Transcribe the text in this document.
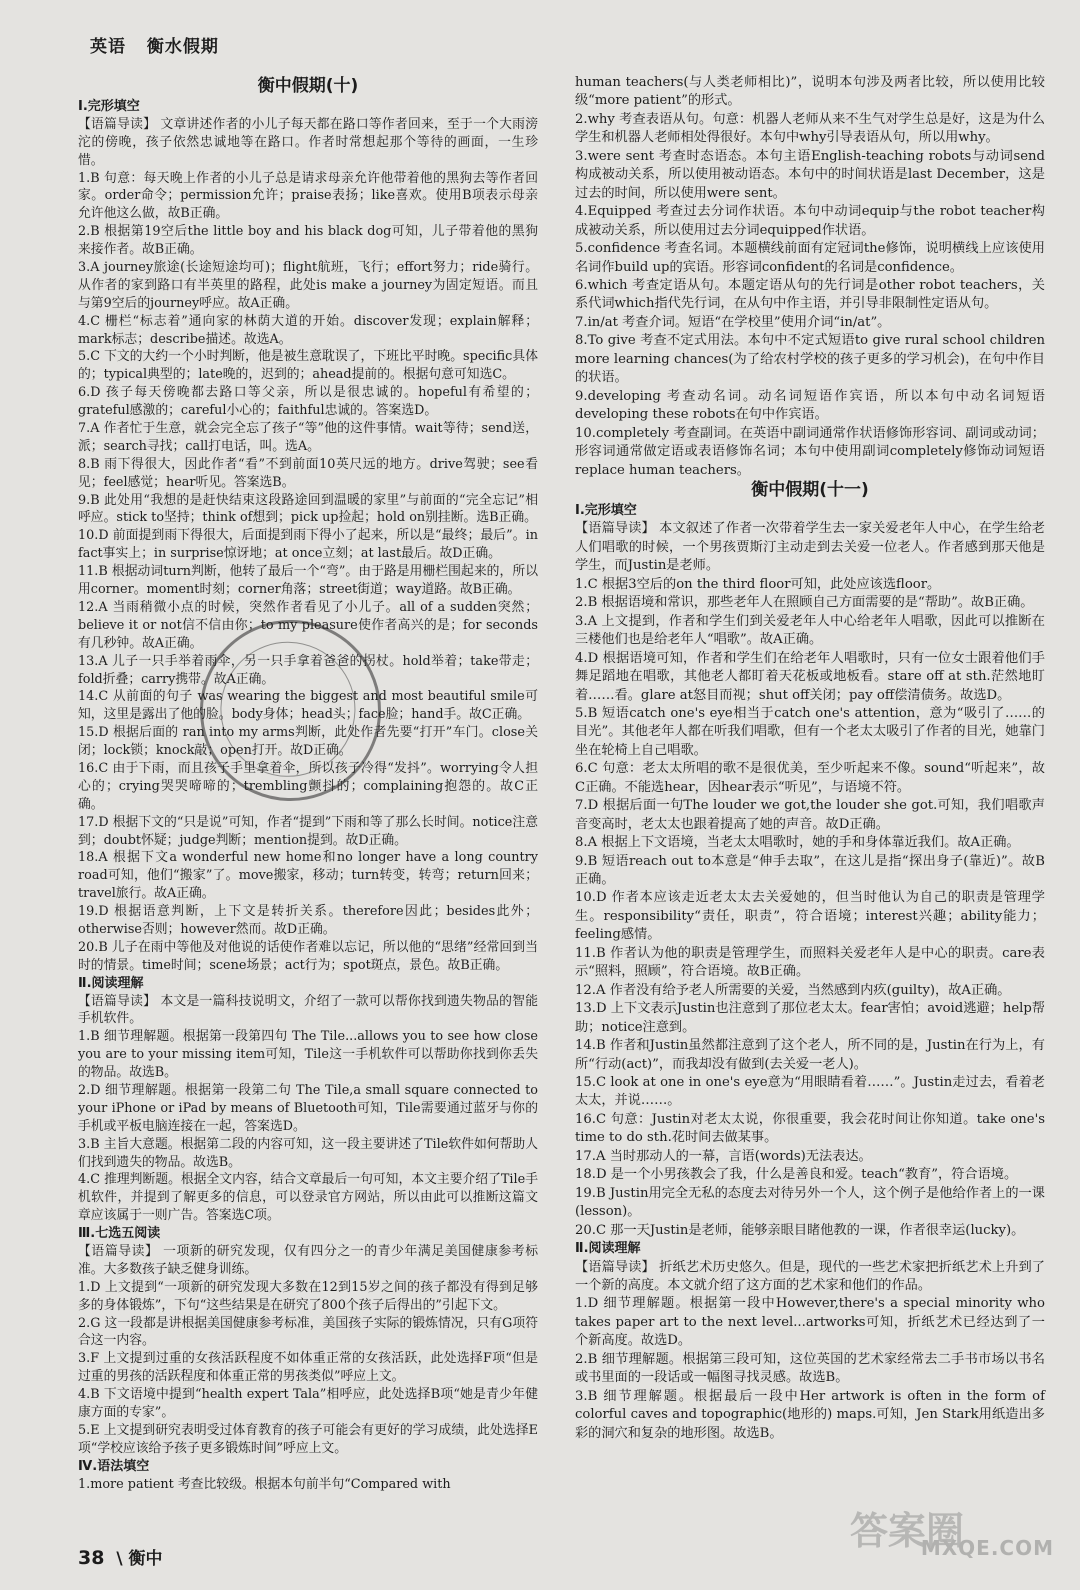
英语 衡水假期
衡中假期(十)

Ⅰ.完形填空

【语篇导读】 文章讲述作者的小儿子每天都在路口等作者回来，至于一个大雨滂沱的傍晚，孩子依然忠诚地等在路口。作者时常想起那个等待的画面，一生珍惜。

1.B 句意：每天晚上作者的小儿子总是请求母亲允许他带着他的黑狗去等作者回家。order命令；permission允许；praise表扬；like喜欢。使用B项表示母亲允许他这么做，故B正确。

2.B 根据第19空后the little boy and his black dog可知，儿子带着他的黑狗来接作者。故B正确。

3.A journey旅途(长途短途均可)；flight航班，飞行；effort努力；ride骑行。从作者的家到路口有半英里的路程，此处is make a journey为固定短语。而且与第9空后的journey呼应。故A正确。

4.C 栅栏“标志着”通向家的林荫大道的开始。discover发现；explain解释；mark标志；describe描述。故选A。

5.C 下文的大约一个小时判断，他是被生意耽误了，下班比平时晚。specific具体的；typical典型的；late晚的，迟到的；ahead提前的。根据句意可知选C。

6.D 孩子每天傍晚都去路口等父亲，所以是很忠诚的。hopeful有希望的；grateful感激的；careful小心的；faithful忠诚的。答案选D。

7.A 作者忙于生意，就会完全忘了孩子“等”他的这件事情。wait等待；send送，派；search寻找；call打电话，叫。选A。

8.B 雨下得很大，因此作者“看”不到前面10英尺远的地方。drive驾驶；see看见；feel感觉；hear听见。答案选B。

9.B 此处用“我想的是赶快结束这段路途回到温暖的家里”与前面的“完全忘记”相呼应。stick to坚持；think of想到；pick up捡起；hold on别挂断。选B正确。

10.D 前面提到雨下得很大，后面提到雨下得小了起来，所以是“最终；最后”。in fact事实上；in surprise惊讶地；at once立刻；at last最后。故D正确。

11.B 根据动词turn判断，他转了最后一个“弯”。由于路是用栅栏围起来的，所以用corner。moment时刻；corner角落；street街道；way道路。故B正确。

12.A 当雨稍微小点的时候，突然作者看见了小儿子。all of a sudden突然；believe it or not信不信由你；to my pleasure使作者高兴的是；for seconds有几秒钟。故A正确。

13.A 儿子一只手举着雨伞，另一只手拿着爸爸的拐杖。hold举着；take带走；fold折叠；carry携带。故A正确。

14.C 从前面的句子 was wearing the biggest and most beautiful smile可知，这里是露出了他的脸。body身体；head头；face脸；hand手。故C正确。

15.D 根据后面的 ran into my arms判断，此处作者先要“打开”车门。close关闭；lock锁；knock敲；open打开。故D正确。

16.C 由于下雨，而且孩子手里拿着伞，所以孩子冷得“发抖”。worrying令人担心的；crying哭哭啼啼的；trembling颤抖的；complaining抱怨的。故C正确。

17.D 根据下文的“只是说”可知，作者“提到”下雨和等了那么长时间。notice注意到；doubt怀疑；judge判断；mention提到。故D正确。

18.A 根据下文a wonderful new home和no longer have a long country road可知，他们“搬家”了。move搬家，移动；turn转变，转弯；return回来；travel旅行。故A正确。

19.D 根据语意判断，上下文是转折关系。therefore因此；besides此外；otherwise否则；however然而。故D正确。

20.B 儿子在雨中等他及对他说的话使作者难以忘记，所以他的“思绪”经常回到当时的情景。time时间；scene场景；act行为；spot斑点，景色。故B正确。

Ⅱ.阅读理解

【语篇导读】 本文是一篇科技说明文，介绍了一款可以帮你找到遗失物品的智能手机软件。

1.B 细节理解题。根据第一段第四句 The Tile...allows you to see how close you are to your missing item可知，Tile这一手机软件可以帮助你找到你丢失的物品。故选B。

2.D 细节理解题。根据第一段第二句 The Tile,a small square connected to your iPhone or iPad by means of Bluetooth可知，Tile需要通过蓝牙与你的手机或平板电脑连接在一起，答案选D。

3.B 主旨大意题。根据第二段的内容可知，这一段主要讲述了Tile软件如何帮助人们找到遗失的物品。故选B。

4.C 推理判断题。根据全文内容，结合文章最后一句可知，本文主要介绍了Tile手机软件，并提到了解更多的信息，可以登录官方网站，所以由此可以推断这篇文章应该属于一则广告。答案选C项。

Ⅲ.七选五阅读

【语篇导读】 一项新的研究发现，仅有四分之一的青少年满足美国健康参考标准。大多数孩子缺乏健身训练。

1.D 上文提到“一项新的研究发现大多数在12到15岁之间的孩子都没有得到足够多的身体锻炼”，下句“这些结果是在研究了800个孩子后得出的”引起下文。

2.G 这一段都是讲根据美国健康参考标准，美国孩子实际的锻炼情况，只有G项符合这一内容。

3.F 上文提到过重的女孩活跃程度不如体重正常的女孩活跃，此处选择F项“但是过重的男孩的活跃程度和体重正常的男孩类似”呼应上文。

4.B 下文语境中提到“health expert Tala”相呼应，此处选择B项“她是青少年健康方面的专家”。

5.E 上文提到研究表明受过体育教育的孩子可能会有更好的学习成绩，此处选择E项“学校应该给予孩子更多锻炼时间”呼应上文。

Ⅳ.语法填空

1.more patient 考查比较级。根据本句前半句“Compared with

human teachers(与人类老师相比)”，说明本句涉及两者比较，所以使用比较级“more patient”的形式。

2.why 考查表语从句。句意：机器人老师从来不生气对学生总是好，这是为什么学生和机器人老师相处得很好。本句中why引导表语从句，所以用why。

3.were sent 考查时态语态。本句主语English-teaching robots与动词send构成被动关系，所以使用被动语态。本句中的时间状语是last December，这是过去的时间，所以使用were sent。

4.Equipped 考查过去分词作状语。本句中动词equip与the robot teacher构成被动关系，所以使用过去分词equipped作状语。

5.confidence 考查名词。本题横线前面有定冠词the修饰，说明横线上应该使用名词作build up的宾语。形容词confident的名词是confidence。

6.which 考查定语从句。本题定语从句的先行词是other robot teachers，关系代词which指代先行词，在从句中作主语，并引导非限制性定语从句。

7.in/at 考查介词。短语“在学校里”使用介词“in/at”。

8.To give 考查不定式用法。本句中不定式短语to give rural school children more learning chances(为了给农村学校的孩子更多的学习机会)，在句中作目的状语。

9.developing 考查动名词。动名词短语作宾语，所以本句中动名词短语developing these robots在句中作宾语。

10.completely 考查副词。在英语中副词通常作状语修饰形容词、副词或动词；形容词通常做定语或表语修饰名词；本句中使用副词completely修饰动词短语replace human teachers。

衡中假期(十一)

Ⅰ.完形填空

【语篇导读】 本文叙述了作者一次带着学生去一家关爱老年人中心，在学生给老人们唱歌的时候，一个男孩贾斯汀主动走到去关爱一位老人。作者感到那天他是学生，而Justin是老师。

1.C 根据3空后的on the third floor可知，此处应该选floor。

2.B 根据语境和常识，那些老年人在照顾自己方面需要的是“帮助”。故B正确。

3.A 上文提到，作者和学生们到关爱老年人中心给老年人唱歌，因此可以推断在三楼他们也是给老年人“唱歌”。故A正确。

4.D 根据语境可知，作者和学生们在给老年人唱歌时，只有一位女士跟着他们手舞足蹈地在唱歌，其他老人都盯着天花板或地板看。stare off at sth.茫然地盯着……看。glare at怒目而视；shut off关闭；pay off偿清债务。故选D。

5.B 短语catch one's eye相当于catch one's attention，意为“吸引了……的目光”。其他老年人都在听我们唱歌，但有一个老太太吸引了作者的目光，她靠门坐在轮椅上自己唱歌。

6.C 句意：老太太所唱的歌不是很优美，至少听起来不像。sound“听起来”，故C正确。不能选hear，因hear表示“听见”，与语境不符。

7.D 根据后面一句The louder we got,the louder she got.可知，我们唱歌声音变高时，老太太也跟着提高了她的声音。故D正确。

8.A 根据上下文语境，当老太太唱歌时，她的手和身体靠近我们。故A正确。

9.B 短语reach out to本意是“伸手去取”，在这儿是指“探出身子(靠近)”。故B正确。

10.D 作者本应该走近老太太去关爱她的，但当时他认为自己的职责是管理学生。responsibility“责任，职责”，符合语境；interest兴趣；ability能力；feeling感情。

11.B 作者认为他的职责是管理学生，而照料关爱老年人是中心的职责。care表示“照料，照顾”，符合语境。故B正确。

12.A 作者没有给予老人所需要的关爱，当然感到内疚(guilty)，故A正确。

13.D 上下文表示Justin也注意到了那位老太太。fear害怕；avoid逃避；help帮助；notice注意到。

14.B 作者和Justin虽然都注意到了这个老人，所不同的是，Justin在行为上，有所“行动(act)”，而我却没有做到(去关爱一老人)。

15.C look at one in one's eye意为“用眼睛看着……”。Justin走过去，看着老太太，并说……。

16.C 句意：Justin对老太太说，你很重要，我会花时间让你知道。take one's time to do sth.花时间去做某事。

17.A 当时那动人的一幕，言语(words)无法表达。

18.D 是一个小男孩教会了我，什么是善良和爱。teach“教育”，符合语境。

19.B Justin用完全无私的态度去对待另外一个人，这个例子是他给作者上的一课(lesson)。

20.C 那一天Justin是老师，能够亲眼目睹他教的一课，作者很幸运(lucky)。

Ⅱ.阅读理解

【语篇导读】 折纸艺术历史悠久。但是，现代的一些艺术家把折纸艺术上升到了一个新的高度。本文就介绍了这方面的艺术家和他们的作品。

1.D 细节理解题。根据第一段中However,there's a special minority who takes paper art to the next level...artworks可知，折纸艺术已经达到了一个新高度。故选D。

2.B 细节理解题。根据第三段可知，这位英国的艺术家经常去二手书市场以书名或书里面的一段话或一幅图寻找灵感。故选B。

3.B 细节理解题。根据最后一段中Her artwork is often in the form of colorful caves and topographic(地形的) maps.可知，Jen Stark用纸造出多彩的洞穴和复杂的地形图。故选B。

38 \ 衡中
答案圈
MXQE.COM
